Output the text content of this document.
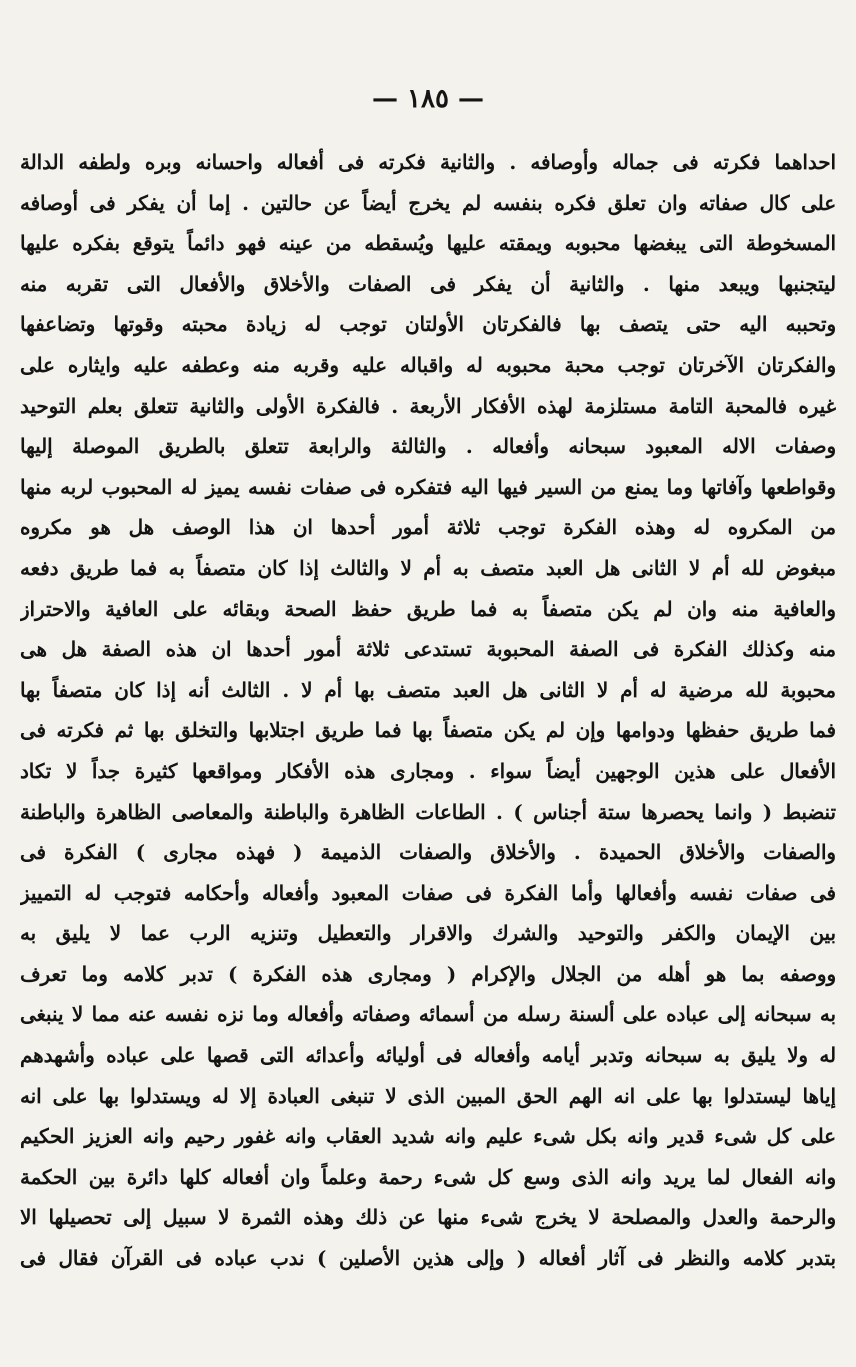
— ١٨٥ —
احداهما فكرته فى جماله وأوصافه . والثانية فكرته فى أفعاله واحسانه وبره ولطفه الدالة
على كال صفاته وان تعلق فكره بنفسه لم يخرج أيضاً عن حالتين . إما أن يفكر فى أوصافه
المسخوطة التى يبغضها محبوبه ويمقته عليها ويُسقطه من عينه فهو دائماً يتوقع بفكره عليها
ليتجنبها ويبعد منها . والثانية أن يفكر فى الصفات والأخلاق والأفعال التى تقربه منه
وتحببه اليه حتى يتصف بها فالفكرتان الأولتان توجب له زيادة محبته وقوتها وتضاعفها
والفكرتان الآخرتان توجب محبة محبوبه له واقباله عليه وقربه منه وعطفه عليه وايثاره على
غيره فالمحبة التامة مستلزمة لهذه الأفكار الأربعة . فالفكرة الأولى والثانية تتعلق بعلم التوحيد
وصفات الاله المعبود سبحانه وأفعاله . والثالثة والرابعة تتعلق بالطريق الموصلة إليها
وقواطعها وآفاتها وما يمنع من السير فيها اليه فتفكره فى صفات نفسه يميز له المحبوب لربه منها
من المكروه له وهذه الفكرة توجب ثلاثة أمور أحدها ان هذا الوصف هل هو مكروه
مبغوض لله أم لا الثانى هل العبد متصف به أم لا والثالث إذا كان متصفاً به فما طريق دفعه
والعافية منه وان لم يكن متصفاً به فما طريق حفظ الصحة وبقائه على العافية والاحتراز
منه وكذلك الفكرة فى الصفة المحبوبة تستدعى ثلاثة أمور أحدها ان هذه الصفة هل هى
محبوبة لله مرضية له أم لا الثانى هل العبد متصف بها أم لا . الثالث أنه إذا كان متصفاً بها
فما طريق حفظها ودوامها وإن لم يكن متصفاً بها فما طريق اجتلابها والتخلق بها ثم فكرته فى
الأفعال على هذين الوجهين أيضاً سواء . ومجارى هذه الأفكار ومواقعها كثيرة جداً لا تكاد
تنضبط ( وانما يحصرها ستة أجناس ) . الطاعات الظاهرة والباطنة والمعاصى الظاهرة والباطنة
والصفات والأخلاق الحميدة . والأخلاق والصفات الذميمة ( فهذه مجارى ) الفكرة فى
فى صفات نفسه وأفعالها وأما الفكرة فى صفات المعبود وأفعاله وأحكامه فتوجب له التمييز
بين الإيمان والكفر والتوحيد والشرك والاقرار والتعطيل وتنزيه الرب عما لا يليق به
ووصفه بما هو أهله من الجلال والإكرام ( ومجارى هذه الفكرة ) تدبر كلامه وما تعرف
به سبحانه إلى عباده على ألسنة رسله من أسمائه وصفاته وأفعاله وما نزه نفسه عنه مما لا ينبغى
له ولا يليق به سبحانه وتدبر أيامه وأفعاله فى أوليائه وأعدائه التى قصها على عباده وأشهدهم
إياها ليستدلوا بها على انه الهم الحق المبين الذى لا تنبغى العبادة إلا له ويستدلوا بها على انه
على كل شىء قدير وانه بكل شىء عليم وانه شديد العقاب وانه غفور رحيم وانه العزيز الحكيم
وانه الفعال لما يريد وانه الذى وسع كل شىء رحمة وعلماً وان أفعاله كلها دائرة بين الحكمة
والرحمة والعدل والمصلحة لا يخرج شىء منها عن ذلك وهذه الثمرة لا سبيل إلى تحصيلها الا
بتدبر كلامه والنظر فى آثار أفعاله ( وإلى هذين الأصلين ) ندب عباده فى القرآن فقال فى
